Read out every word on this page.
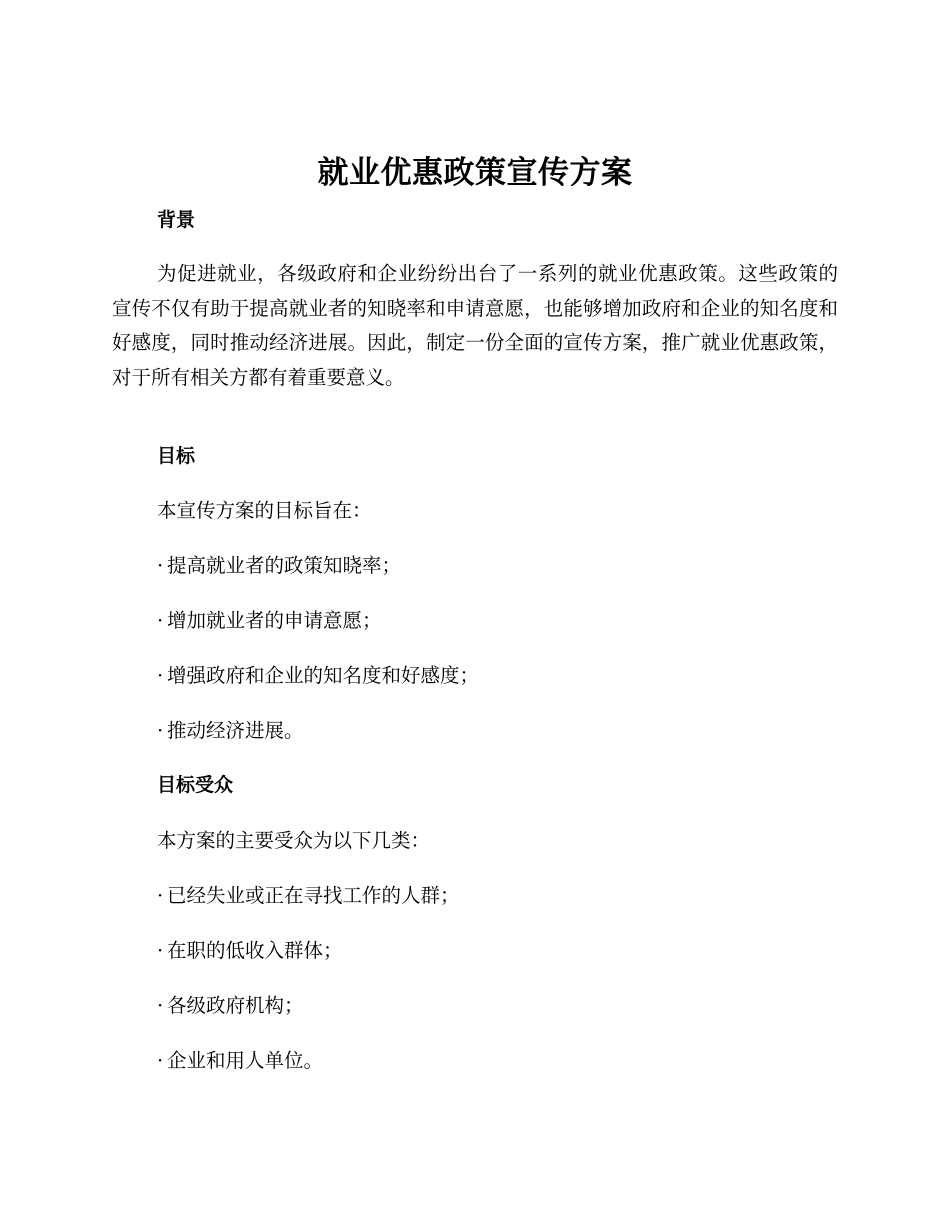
就业优惠政策宣传方案
背景
为促进就业，各级政府和企业纷纷出台了一系列的就业优惠政策。这些政策的宣传不仅有助于提高就业者的知晓率和申请意愿，也能够增加政府和企业的知名度和好感度，同时推动经济进展。因此，制定一份全面的宣传方案，推广就业优惠政策，对于所有相关方都有着重要意义。
目标
本宣传方案的目标旨在：
· 提高就业者的政策知晓率；
· 增加就业者的申请意愿；
· 增强政府和企业的知名度和好感度；
· 推动经济进展。
目标受众
本方案的主要受众为以下几类：
· 已经失业或正在寻找工作的人群；
· 在职的低收入群体；
· 各级政府机构；
· 企业和用人单位。
